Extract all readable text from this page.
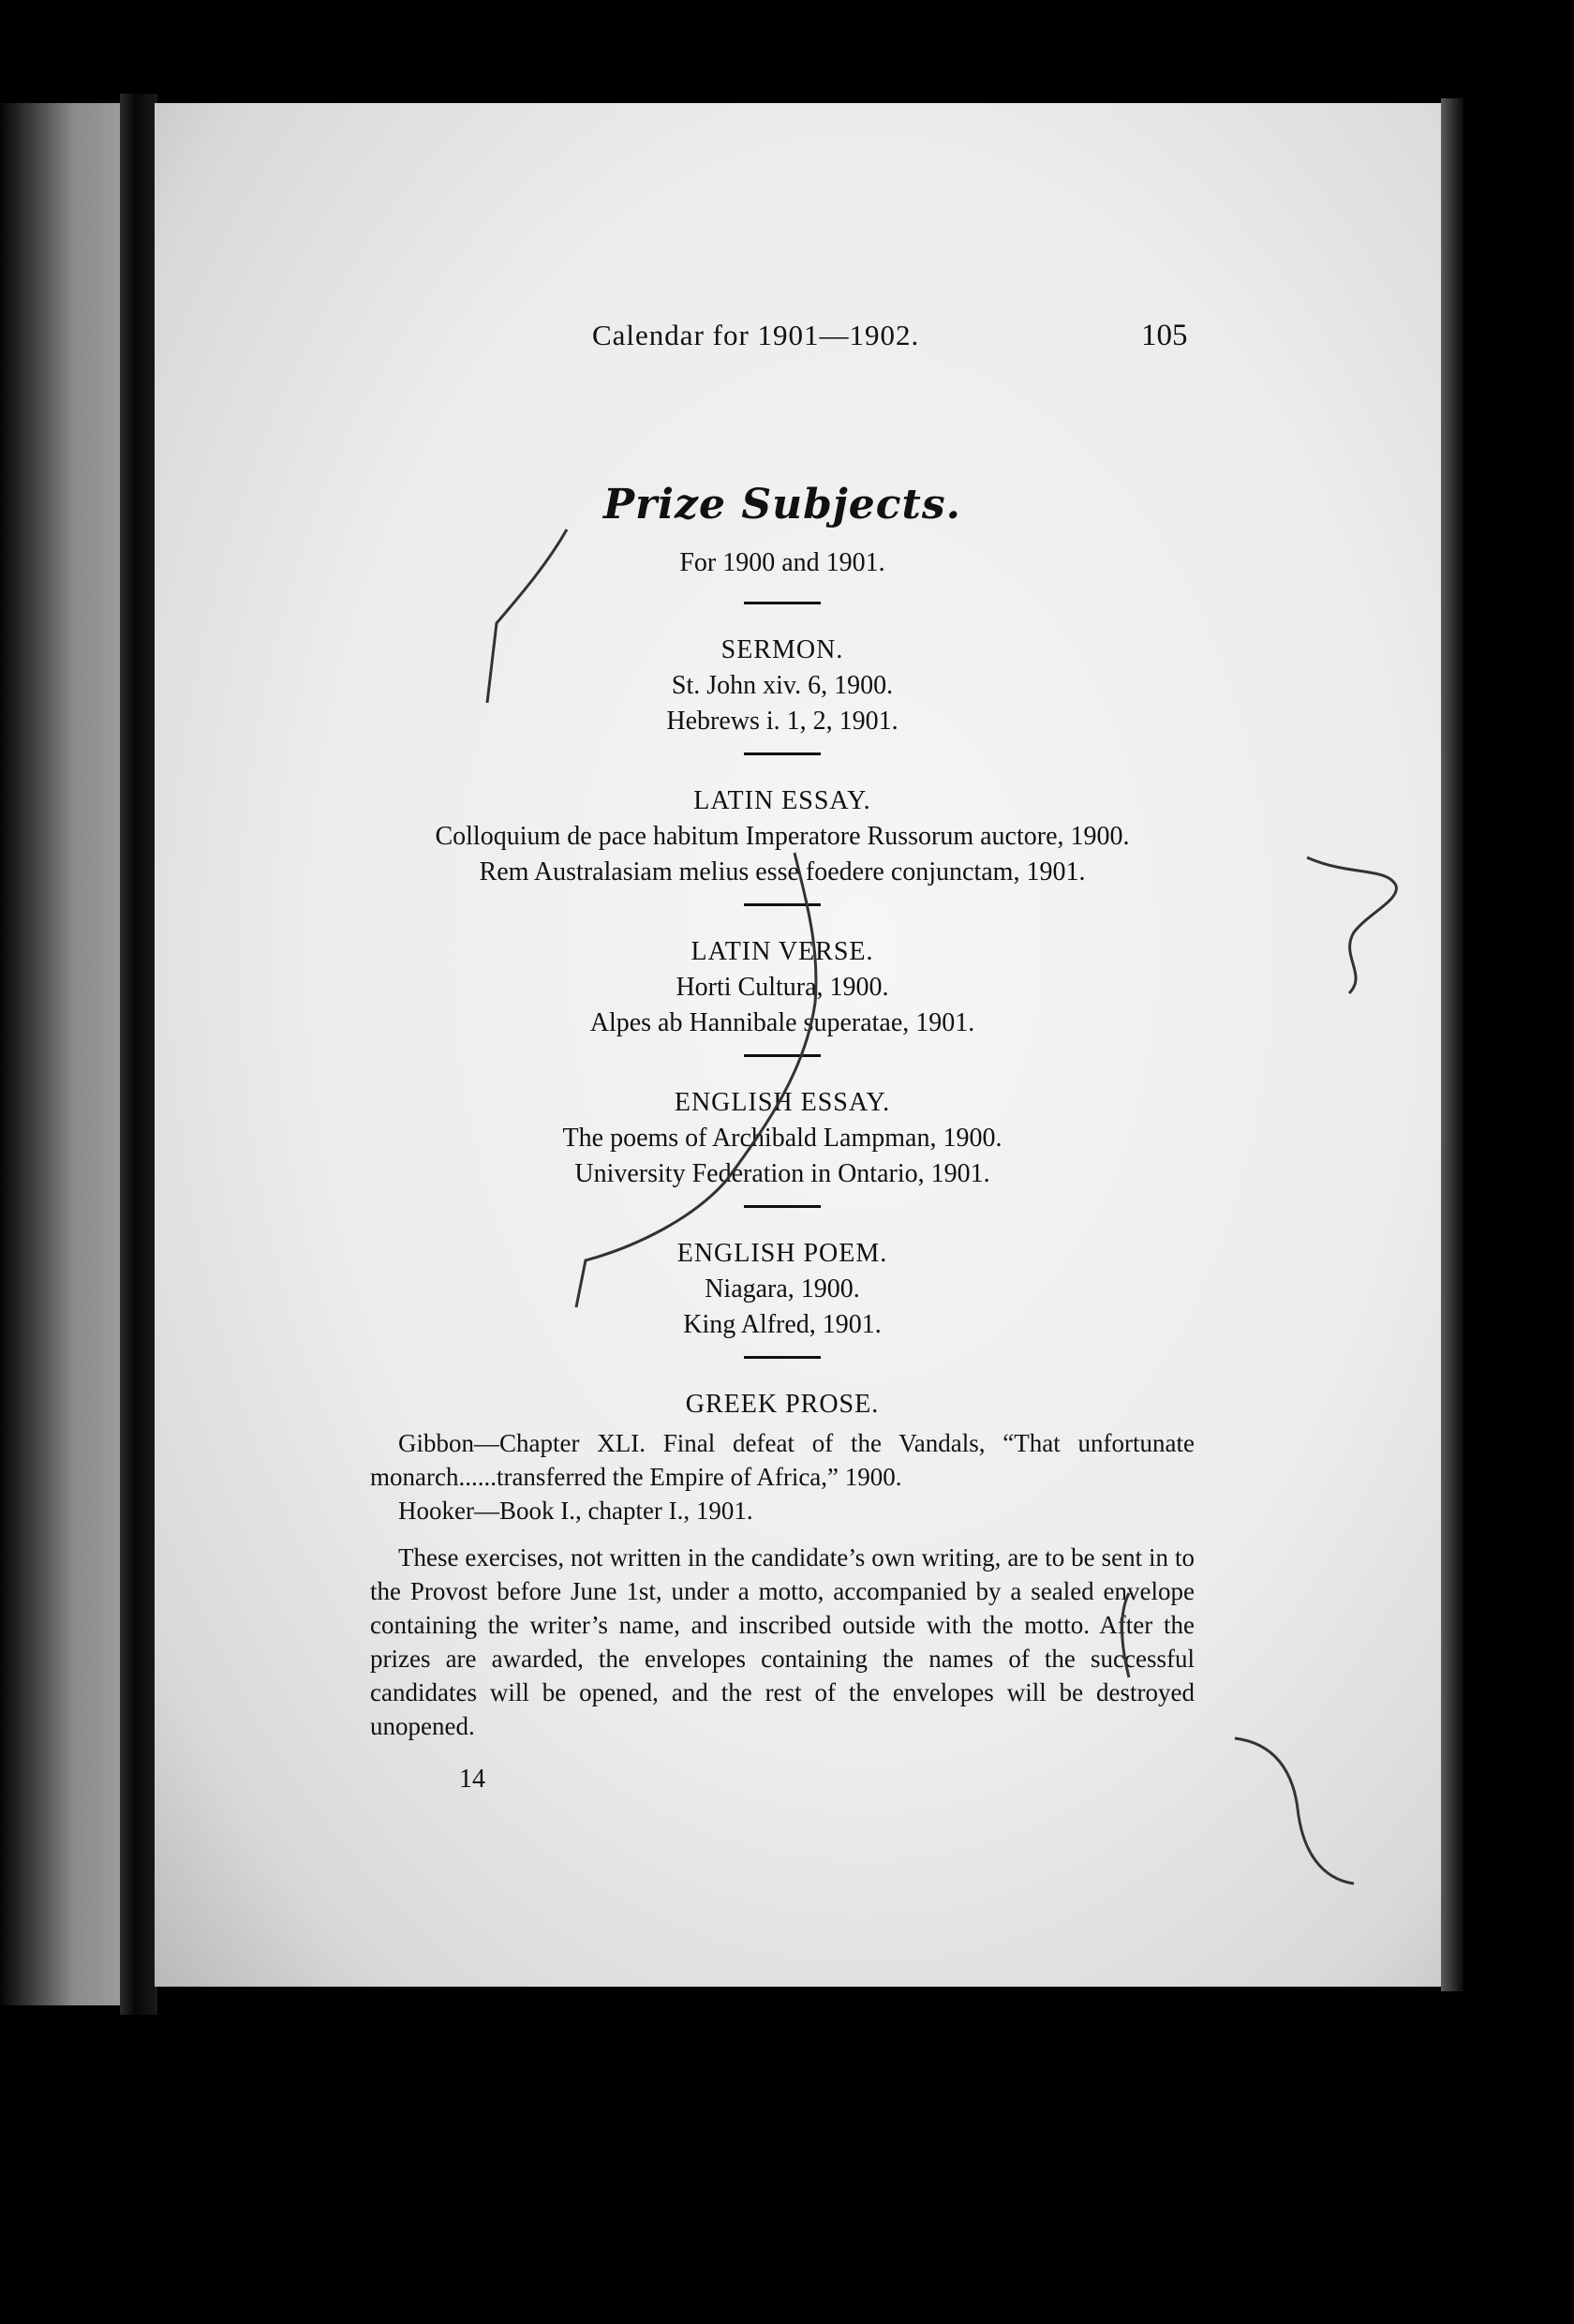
Calendar for 1901—1902.	105
Prize Subjects.
For 1900 and 1901.
SERMON.
St. John xiv. 6, 1900.
Hebrews i. 1, 2, 1901.
LATIN ESSAY.
Colloquium de pace habitum Imperatore Russorum auctore, 1900.
Rem Australasiam melius esse foedere conjunctam, 1901.
LATIN VERSE.
Horti Cultura, 1900.
Alpes ab Hannibale superatae, 1901.
ENGLISH ESSAY.
The poems of Archibald Lampman, 1900.
University Federation in Ontario, 1901.
ENGLISH POEM.
Niagara, 1900.
King Alfred, 1901.
GREEK PROSE.
Gibbon—Chapter XLI. Final defeat of the Vandals, “That unfortunate monarch......transferred the Empire of Africa,” 1900.
Hooker—Book I., chapter I., 1901.
These exercises, not written in the candidate’s own writing, are to be sent in to the Provost before June 1st, under a motto, accompanied by a sealed envelope containing the writer’s name, and inscribed outside with the motto. After the prizes are awarded, the envelopes containing the names of the successful candidates will be opened, and the rest of the envelopes will be destroyed unopened.
14
